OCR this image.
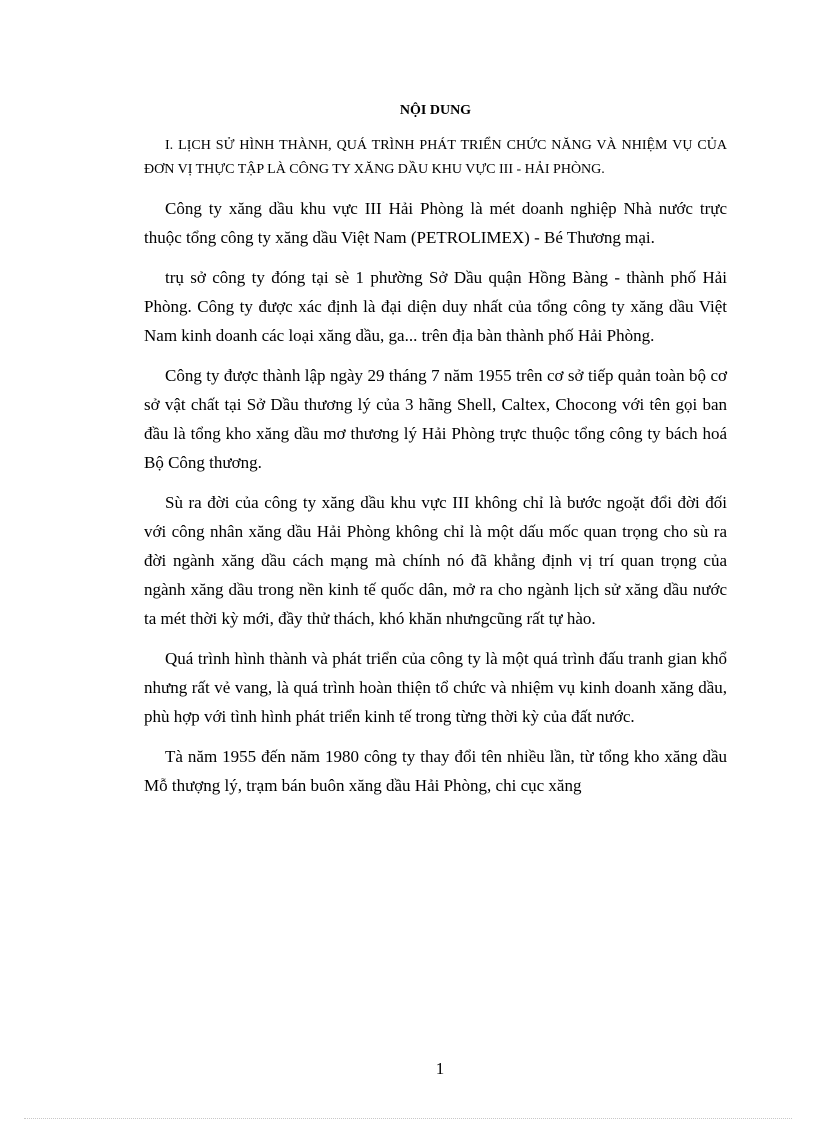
NỘI DUNG
I. LỊCH SỬ HÌNH THÀNH, QUÁ TRÌNH PHÁT TRIỂN CHỨC NĂNG VÀ NHIỆM VỤ CỦA ĐƠN VỊ THỰC TẬP LÀ CÔNG TY XĂNG DẦU KHU VỰC III - HẢI PHÒNG.

Công ty xăng dầu khu vực III Hải Phòng là mét doanh nghiệp Nhà nước trực thuộc tổng công ty xăng dầu Việt Nam (PETROLIMEX) - Bé Thương mại.

trụ sở công ty đóng tại sè 1 phường Sở Dầu quận Hồng Bàng - thành phố Hải Phòng. Công ty được xác định là đại diện duy nhất của tổng công ty xăng dầu Việt Nam kinh doanh các loại xăng dầu, ga... trên địa bàn thành phố Hải Phòng.

Công ty được thành lập ngày 29 tháng 7 năm 1955 trên cơ sở tiếp quản toàn bộ cơ sở vật chất tại Sở Dầu thương lý của 3 hãng Shell, Caltex, Chocong với tên gọi ban đầu là tổng kho xăng dầu mơ thương lý Hải Phòng trực thuộc tổng công ty bách hoá Bộ Công thương.

Sù ra đời của công ty xăng dầu khu vực III không chỉ là bước ngoặt đổi đời đối với công nhân xăng dầu Hải Phòng không chỉ là một dấu mốc quan trọng cho sù ra đời ngành xăng dầu cách mạng mà chính nó đã khẳng định vị trí quan trọng của ngành xăng dầu trong nền kinh tế quốc dân, mở ra cho ngành lịch sử xăng dầu nước ta mét thời kỳ mới, đầy thử thách, khó khăn nhưngcũng rất tự hào.

Quá trình hình thành và phát triển của công ty là một quá trình đấu tranh gian khổ nhưng rất vẻ vang, là quá trình hoàn thiện tổ chức và nhiệm vụ kinh doanh xăng dầu, phù hợp với tình hình phát triển kinh tế trong từng thời kỳ của đất nước.

Tà năm 1955 đến năm 1980 công ty thay đổi tên nhiều lần, từ tổng kho xăng dầu Mỗ thượng lý, trạm bán buôn xăng dầu Hải Phòng, chi cục xăng

1
